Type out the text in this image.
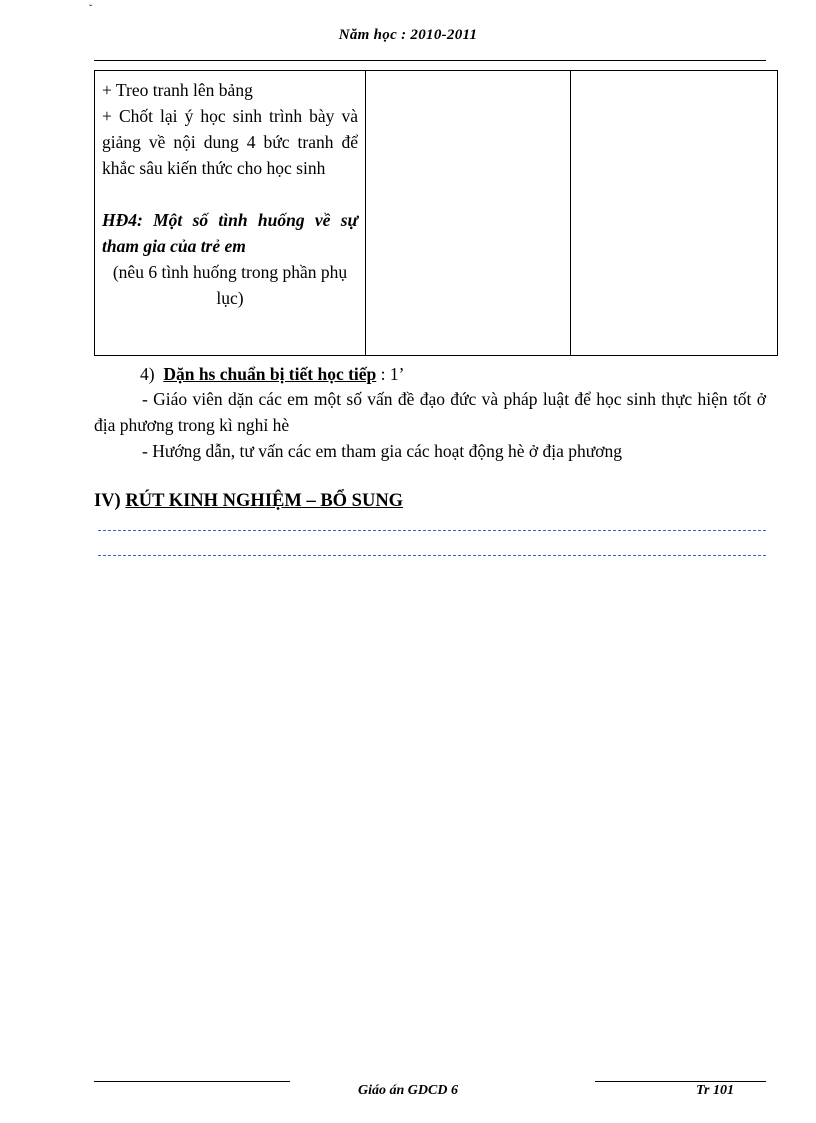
ˇ
Năm học : 2010-2011
+ Treo tranh lên bảng
+ Chốt lại ý học sinh trình bày và giảng về nội dung 4 bức tranh để khắc sâu kiến thức cho học sinh
HĐ4: Một số tình huống về sự tham gia của trẻ em
(nêu 6 tình huống trong phần phụ lục)
4) Dặn hs chuẩn bị tiết học tiếp : 1’
- Giáo viên dặn các em một số vấn đề đạo đức và pháp luật để học sinh thực hiện tốt ở địa phương trong kì nghỉ hè
- Hướng dẫn, tư vấn các em tham gia các hoạt động hè ở địa phương
IV) RÚT KINH NGHIỆM – BỔ SUNG
Giáo án GDCD 6	Tr 101
